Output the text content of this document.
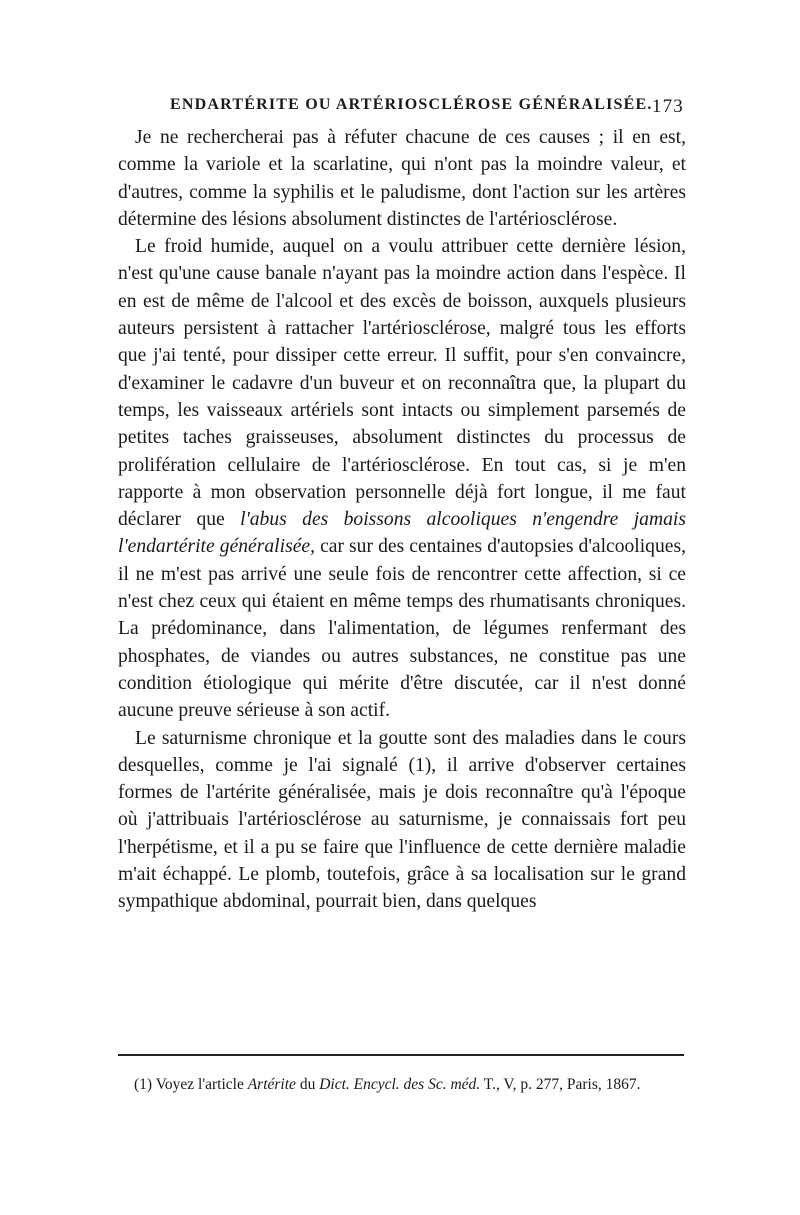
ENDARTÉRITE OU ARTÉRIOSCLÉROSE GÉNÉRALISÉE. 173

Je ne rechercherai pas à réfuter chacune de ces causes ; il en est, comme la variole et la scarlatine, qui n'ont pas la moindre valeur, et d'autres, comme la syphilis et le paludisme, dont l'action sur les artères détermine des lésions absolument distinctes de l'artériosclérose.

Le froid humide, auquel on a voulu attribuer cette dernière lésion, n'est qu'une cause banale n'ayant pas la moindre action dans l'espèce. Il en est de même de l'alcool et des excès de boisson, auxquels plusieurs auteurs persistent à rattacher l'artériosclérose, malgré tous les efforts que j'ai tenté, pour dissiper cette erreur. Il suffit, pour s'en convaincre, d'examiner le cadavre d'un buveur et on reconnaîtra que, la plupart du temps, les vaisseaux artériels sont intacts ou simplement parsemés de petites taches graisseuses, absolument distinctes du processus de prolifération cellulaire de l'artériosclérose. En tout cas, si je m'en rapporte à mon observation personnelle déjà fort longue, il me faut déclarer que l'abus des boissons alcooliques n'engendre jamais l'endartérite généralisée, car sur des centaines d'autopsies d'alcooliques, il ne m'est pas arrivé une seule fois de rencontrer cette affection, si ce n'est chez ceux qui étaient en même temps des rhumatisants chroniques. La prédominance, dans l'alimentation, de légumes renfermant des phosphates, de viandes ou autres substances, ne constitue pas une condition étiologique qui mérite d'être discutée, car il n'est donné aucune preuve sérieuse à son actif.

Le saturnisme chronique et la goutte sont des maladies dans le cours desquelles, comme je l'ai signalé (1), il arrive d'observer certaines formes de l'artérite généralisée, mais je dois reconnaître qu'à l'époque où j'attribuais l'artériosclérose au saturnisme, je connaissais fort peu l'herpétisme, et il a pu se faire que l'influence de cette dernière maladie m'ait échappé. Le plomb, toutefois, grâce à sa localisation sur le grand sympathique abdominal, pourrait bien, dans quelques

(1) Voyez l'article Artérite du Dict. Encycl. des Sc. méd. T., V, p. 277, Paris, 1867.
